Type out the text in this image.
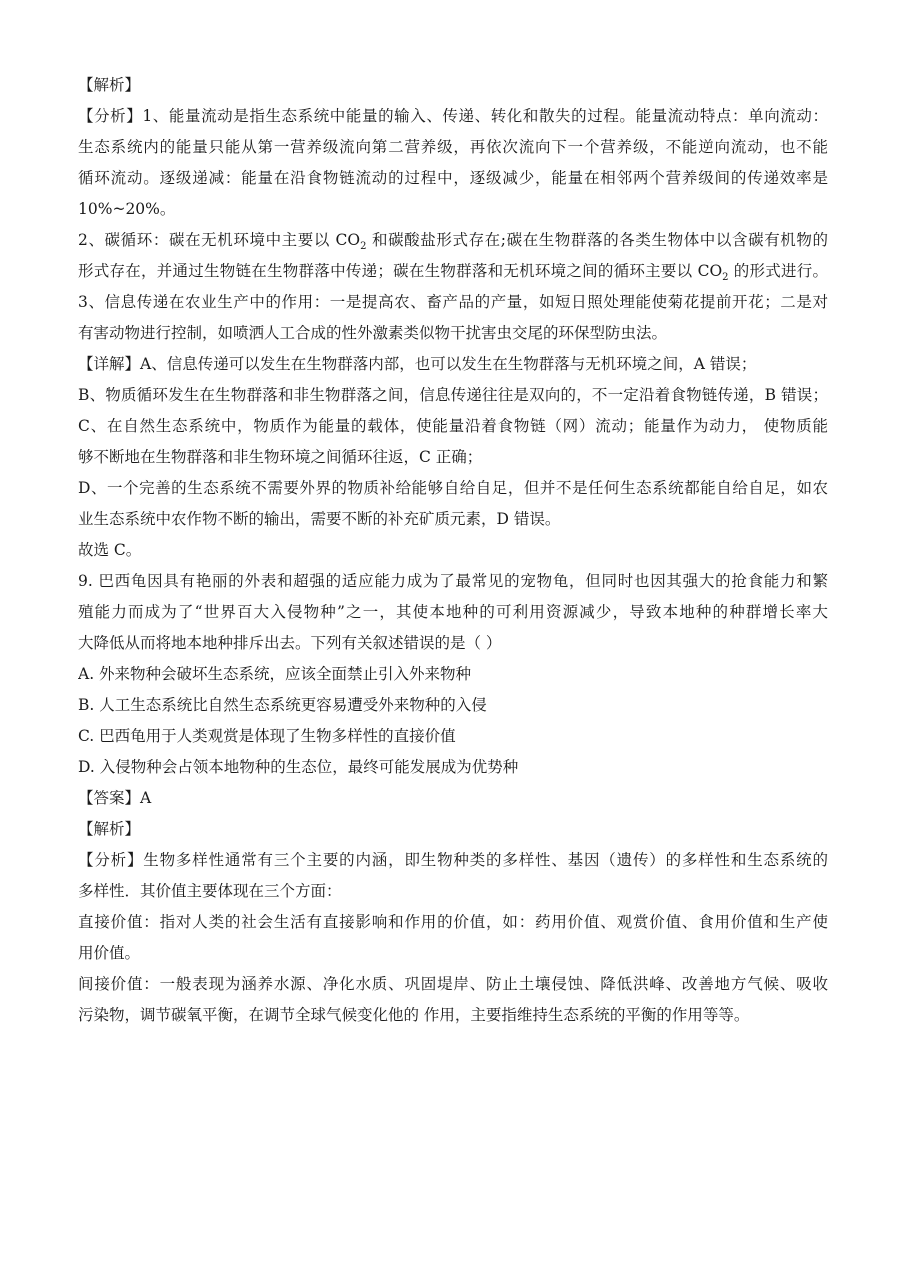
【解析】
【分析】1、能量流动是指生态系统中能量的输入、传递、转化和散失的过程。能量流动特点：单向流动：
生态系统内的能量只能从第一营养级流向第二营养级，再依次流向下一个营养级，不能逆向流动，也不能
循环流动。逐级递减：能量在沿食物链流动的过程中，逐级减少，能量在相邻两个营养级间的传递效率是
10%~20%。
2、碳循环：碳在无机环境中主要以 $CO_2$ 和碳酸盐形式存在;碳在生物群落的各类生物体中以含碳有机物的
形式存在，并通过生物链在生物群落中传递；碳在生物群落和无机环境之间的循环主要以 $CO_2$ 的形式进行。
3、信息传递在农业生产中的作用：一是提高农、畜产品的产量，如短日照处理能使菊花提前开花；二是对
有害动物进行控制，如喷洒人工合成的性外激素类似物干扰害虫交尾的环保型防虫法。
【详解】A、信息传递可以发生在生物群落内部，也可以发生在生物群落与无机环境之间，A 错误；
B、物质循环发生在生物群落和非生物群落之间，信息传递往往是双向的，不一定沿着食物链传递，B 错误；
C、在自然生态系统中，物质作为能量的载体，使能量沿着食物链（网）流动；能量作为动力， 使物质能
够不断地在生物群落和非生物环境之间循环往返，C 正确；
D、一个完善的生态系统不需要外界的物质补给能够自给自足，但并不是任何生态系统都能自给自足，如农
业生态系统中农作物不断的输出，需要不断的补充矿质元素，D 错误。
故选 C。
9. 巴西龟因具有艳丽的外表和超强的适应能力成为了最常见的宠物龟，但同时也因其强大的抢食能力和繁
殖能力而成为了“世界百大入侵物种”之一，其使本地种的可利用资源减少，导致本地种的种群增长率大
大降低从而将地本地种排斥出去。下列有关叙述错误的是（ ）
A. 外来物种会破坏生态系统，应该全面禁止引入外来物种
B. 人工生态系统比自然生态系统更容易遭受外来物种的入侵
C. 巴西龟用于人类观赏是体现了生物多样性的直接价值
D. 入侵物种会占领本地物种的生态位，最终可能发展成为优势种
【答案】A
【解析】
【分析】生物多样性通常有三个主要的内涵，即生物种类的多样性、基因（遗传）的多样性和生态系统的
多样性．其价值主要体现在三个方面：
直接价值：指对人类的社会生活有直接影响和作用的价值，如：药用价值、观赏价值、食用价值和生产使
用价值。
间接价值：一般表现为涵养水源、净化水质、巩固堤岸、防止土壤侵蚀、降低洪峰、改善地方气候、吸收
污染物，调节碳氧平衡，在调节全球气候变化他的 作用，主要指维持生态系统的平衡的作用等等。
